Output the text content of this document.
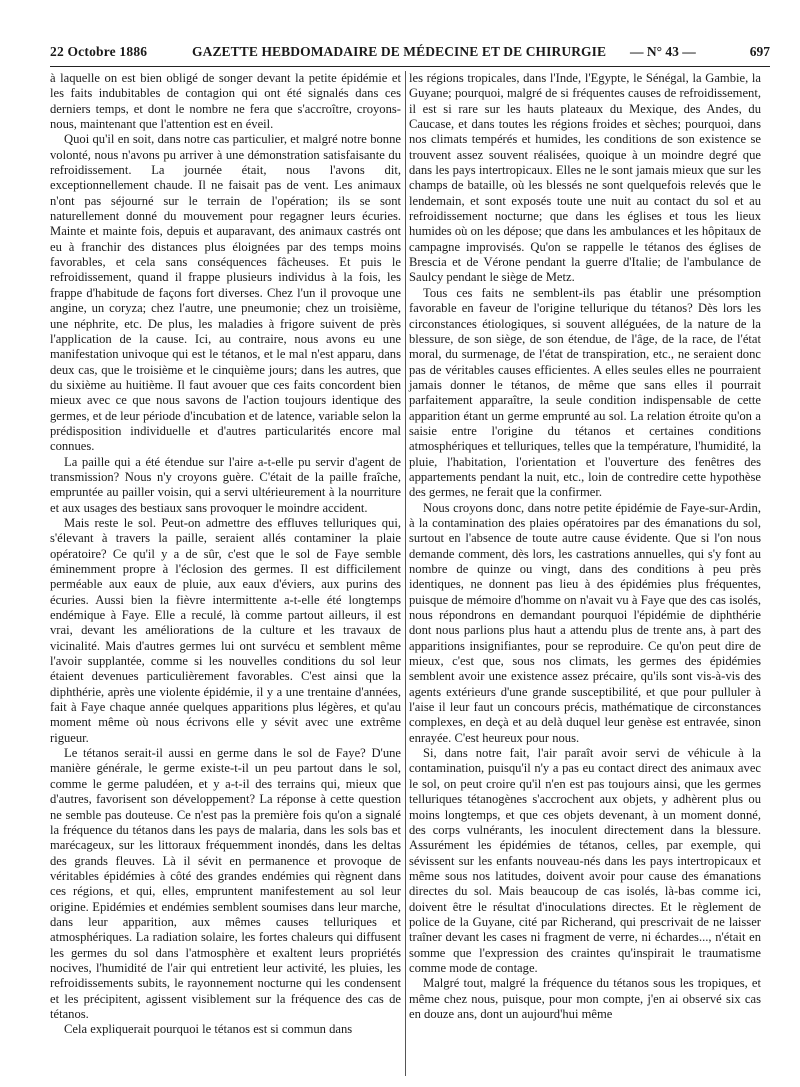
22 Octobre 1886	GAZETTE HEBDOMADAIRE DE MÉDECINE ET DE CHIRURGIE — N° 43 —	697

à laquelle on est bien obligé de songer devant la petite épidémie et les faits indubitables de contagion qui ont été signalés dans ces derniers temps, et dont le nombre ne fera que s'accroître, croyons-nous, maintenant que l'attention est en éveil.

Quoi qu'il en soit, dans notre cas particulier, et malgré notre bonne volonté, nous n'avons pu arriver à une démonstration satisfaisante du refroidissement. La journée était, nous l'avons dit, exceptionnellement chaude. Il ne faisait pas de vent. Les animaux n'ont pas séjourné sur le terrain de l'opération; ils se sont naturellement donné du mouvement pour regagner leurs écuries. Mainte et mainte fois, depuis et auparavant, des animaux castrés ont eu à franchir des distances plus éloignées par des temps moins favorables, et cela sans conséquences fâcheuses. Et puis le refroidissement, quand il frappe plusieurs individus à la fois, les frappe d'habitude de façons fort diverses. Chez l'un il provoque une angine, un coryza; chez l'autre, une pneumonie; chez un troisième, une néphrite, etc. De plus, les maladies à frigore suivent de près l'application de la cause. Ici, au contraire, nous avons eu une manifestation univoque qui est le tétanos, et le mal n'est apparu, dans deux cas, que le troisième et le cinquième jours; dans les autres, que du sixième au huitième. Il faut avouer que ces faits concordent bien mieux avec ce que nous savons de l'action toujours identique des germes, et de leur période d'incubation et de latence, variable selon la prédisposition individuelle et d'autres particularités encore mal connues.

La paille qui a été étendue sur l'aire a-t-elle pu servir d'agent de transmission? Nous n'y croyons guère. C'était de la paille fraîche, empruntée au pailler voisin, qui a servi ultérieurement à la nourriture et aux usages des bestiaux sans provoquer le moindre accident.

Mais reste le sol. Peut-on admettre des effluves telluriques qui, s'élevant à travers la paille, seraient allés contaminer la plaie opératoire? Ce qu'il y a de sûr, c'est que le sol de Faye semble éminemment propre à l'éclosion des germes. Il est difficilement perméable aux eaux de pluie, aux eaux d'éviers, aux purins des écuries. Aussi bien la fièvre intermittente a-t-elle été longtemps endémique à Faye. Elle a reculé, là comme partout ailleurs, il est vrai, devant les améliorations de la culture et les travaux de vicinalité. Mais d'autres germes lui ont survécu et semblent même l'avoir supplantée, comme si les nouvelles conditions du sol leur étaient devenues particulièrement favorables. C'est ainsi que la diphthérie, après une violente épidémie, il y a une trentaine d'années, fait à Faye chaque année quelques apparitions plus légères, et qu'au moment même où nous écrivons elle y sévit avec une extrême rigueur.

Le tétanos serait-il aussi en germe dans le sol de Faye? D'une manière générale, le germe existe-t-il un peu partout dans le sol, comme le germe paludéen, et y a-t-il des terrains qui, mieux que d'autres, favorisent son développement? La réponse à cette question ne semble pas douteuse. Ce n'est pas la première fois qu'on a signalé la fréquence du tétanos dans les pays de malaria, dans les sols bas et marécageux, sur les littoraux fréquemment inondés, dans les deltas des grands fleuves. Là il sévit en permanence et provoque de véritables épidémies à côté des grandes endémies qui règnent dans ces régions, et qui, elles, empruntent manifestement au sol leur origine. Epidémies et endémies semblent soumises dans leur marche, dans leur apparition, aux mêmes causes telluriques et atmosphériques. La radiation solaire, les fortes chaleurs qui diffusent les germes du sol dans l'atmosphère et exaltent leurs propriétés nocives, l'humidité de l'air qui entretient leur activité, les pluies, les refroidissements subits, le rayonnement nocturne qui les condensent et les précipitent, agissent visiblement sur la fréquence des cas de tétanos.

Cela expliquerait pourquoi le tétanos est si commun dans

les régions tropicales, dans l'Inde, l'Egypte, le Sénégal, la Gambie, la Guyane; pourquoi, malgré de si fréquentes causes de refroidissement, il est si rare sur les hauts plateaux du Mexique, des Andes, du Caucase, et dans toutes les régions froides et sèches; pourquoi, dans nos climats tempérés et humides, les conditions de son existence se trouvent assez souvent réalisées, quoique à un moindre degré que dans les pays intertropicaux. Elles ne le sont jamais mieux que sur les champs de bataille, où les blessés ne sont quelquefois relevés que le lendemain, et sont exposés toute une nuit au contact du sol et au refroidissement nocturne; que dans les églises et tous les lieux humides où on les dépose; que dans les ambulances et les hôpitaux de campagne improvisés. Qu'on se rappelle le tétanos des églises de Brescia et de Vérone pendant la guerre d'Italie; de l'ambulance de Saulcy pendant le siège de Metz.

Tous ces faits ne semblent-ils pas établir une présomption favorable en faveur de l'origine tellurique du tétanos? Dès lors les circonstances étiologiques, si souvent alléguées, de la nature de la blessure, de son siège, de son étendue, de l'âge, de la race, de l'état moral, du surmenage, de l'état de transpiration, etc., ne seraient donc pas de véritables causes efficientes. A elles seules elles ne pourraient jamais donner le tétanos, de même que sans elles il pourrait parfaitement apparaître, la seule condition indispensable de cette apparition étant un germe emprunté au sol. La relation étroite qu'on a saisie entre l'origine du tétanos et certaines conditions atmosphériques et telluriques, telles que la température, l'humidité, la pluie, l'habitation, l'orientation et l'ouverture des fenêtres des appartements pendant la nuit, etc., loin de contredire cette hypothèse des germes, ne ferait que la confirmer.

Nous croyons donc, dans notre petite épidémie de Faye-sur-Ardin, à la contamination des plaies opératoires par des émanations du sol, surtout en l'absence de toute autre cause évidente. Que si l'on nous demande comment, dès lors, les castrations annuelles, qui s'y font au nombre de quinze ou vingt, dans des conditions à peu près identiques, ne donnent pas lieu à des épidémies plus fréquentes, puisque de mémoire d'homme on n'avait vu à Faye que des cas isolés, nous répondrons en demandant pourquoi l'épidémie de diphthérie dont nous parlions plus haut a attendu plus de trente ans, à part des apparitions insignifiantes, pour se reproduire. Ce qu'on peut dire de mieux, c'est que, sous nos climats, les germes des épidémies semblent avoir une existence assez précaire, qu'ils sont vis-à-vis des agents extérieurs d'une grande susceptibilité, et que pour pulluler à l'aise il leur faut un concours précis, mathématique de circonstances complexes, en deçà et au delà duquel leur genèse est entravée, sinon enrayée. C'est heureux pour nous.

Si, dans notre fait, l'air paraît avoir servi de véhicule à la contamination, puisqu'il n'y a pas eu contact direct des animaux avec le sol, on peut croire qu'il n'en est pas toujours ainsi, que les germes telluriques tétanogènes s'accrochent aux objets, y adhèrent plus ou moins longtemps, et que ces objets devenant, à un moment donné, des corps vulnérants, les inoculent directement dans la blessure. Assurément les épidémies de tétanos, celles, par exemple, qui sévissent sur les enfants nouveau-nés dans les pays intertropicaux et même sous nos latitudes, doivent avoir pour cause des émanations directes du sol. Mais beaucoup de cas isolés, là-bas comme ici, doivent être le résultat d'inoculations directes. Et le règlement de police de la Guyane, cité par Richerand, qui prescrivait de ne laisser traîner devant les cases ni fragment de verre, ni échardes..., n'était en somme que l'expression des craintes qu'inspirait le traumatisme comme mode de contage.

Malgré tout, malgré la fréquence du tétanos sous les tropiques, et même chez nous, puisque, pour mon compte, j'en ai observé six cas en douze ans, dont un aujourd'hui même
